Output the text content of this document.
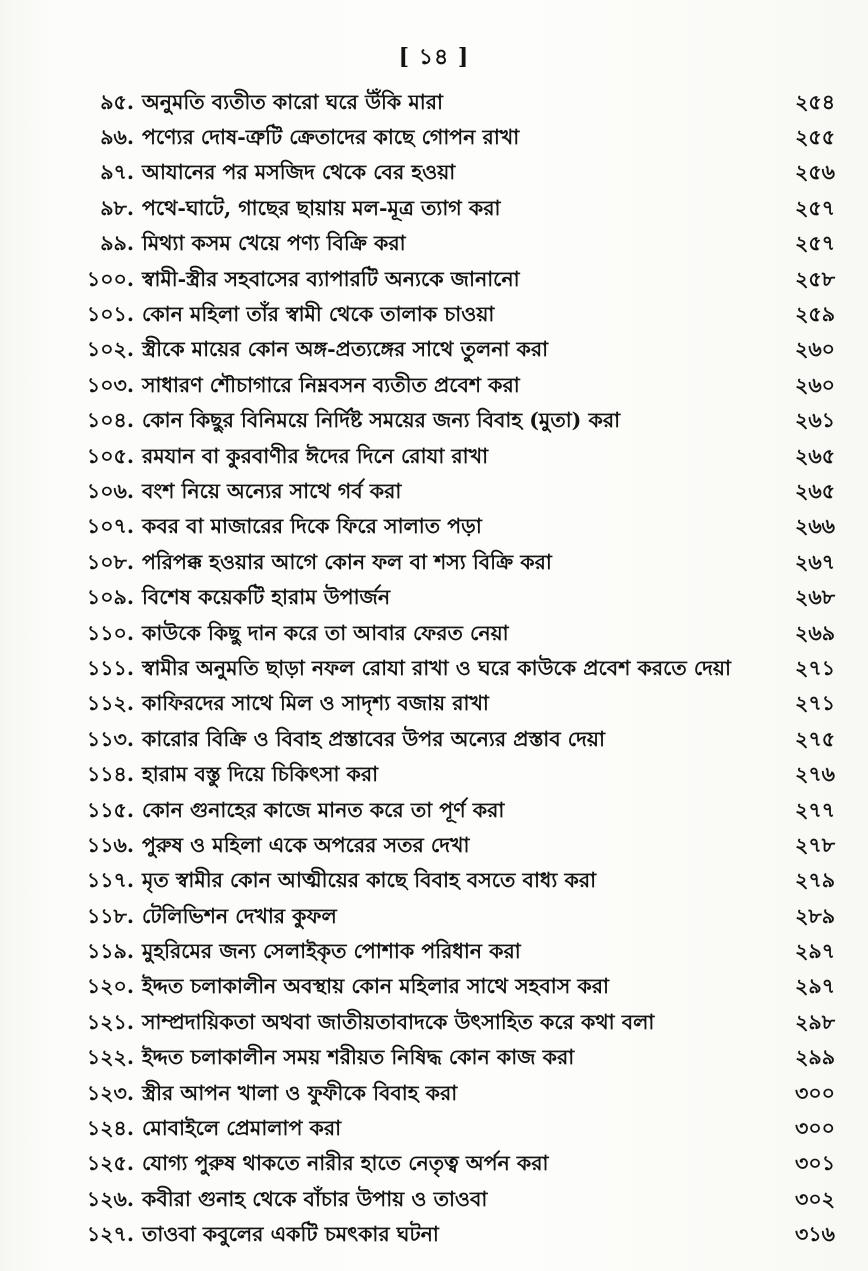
[ ১৪ ]
৯৫. অনুমতি ব্যতীত কারো ঘরে উঁকি মারা	২৫৪
৯৬. পণ্যের দোষ-ত্রুটি ক্রেতাদের কাছে গোপন রাখা	২৫৫
৯৭. আযানের পর মসজিদ থেকে বের হওয়া	২৫৬
৯৮. পথে-ঘাটে, গাছের ছায়ায় মল-মূত্র ত্যাগ করা	২৫৭
৯৯. মিথ্যা কসম খেয়ে পণ্য বিক্রি করা	২৫৭
১০০. স্বামী-স্ত্রীর সহবাসের ব্যাপারটি অন্যকে জানানো	২৫৮
১০১. কোন মহিলা তাঁর স্বামী থেকে তালাক চাওয়া	২৫৯
১০২. স্ত্রীকে মায়ের কোন অঙ্গ-প্রত্যঙ্গের সাথে তুলনা করা	২৬০
১০৩. সাধারণ শৌচাগারে নিম্নবসন ব্যতীত প্রবেশ করা	২৬০
১০৪. কোন কিছুর বিনিময়ে নির্দিষ্ট সময়ের জন্য বিবাহ (মুতা) করা	২৬১
১০৫. রমযান বা কুরবাণীর ঈদের দিনে রোযা রাখা	২৬৫
১০৬. বংশ নিয়ে অন্যের সাথে গর্ব করা	২৬৫
১০৭. কবর বা মাজারের দিকে ফিরে সালাত পড়া	২৬৬
১০৮. পরিপক্ক হওয়ার আগে কোন ফল বা শস্য বিক্রি করা	২৬৭
১০৯. বিশেষ কয়েকটি হারাম উপার্জন	২৬৮
১১০. কাউকে কিছু দান করে তা আবার ফেরত নেয়া	২৬৯
১১১. স্বামীর অনুমতি ছাড়া নফল রোযা রাখা ও ঘরে কাউকে প্রবেশ করতে দেয়া	২৭১
১১২. কাফিরদের সাথে মিল ও সাদৃশ্য বজায় রাখা	২৭১
১১৩. কারোর বিক্রি ও বিবাহ প্রস্তাবের উপর অন্যের প্রস্তাব দেয়া	২৭৫
১১৪. হারাম বস্তু দিয়ে চিকিৎসা করা	২৭৬
১১৫. কোন গুনাহের কাজে মানত করে তা পূর্ণ করা	২৭৭
১১৬. পুরুষ ও মহিলা একে অপরের সতর দেখা	২৭৮
১১৭. মৃত স্বামীর কোন আত্মীয়ের কাছে বিবাহ বসতে বাধ্য করা	২৭৯
১১৮. টেলিভিশন দেখার কুফল	২৮৯
১১৯. মুহরিমের জন্য সেলাইকৃত পোশাক পরিধান করা	২৯৭
১২০. ইদ্দত চলাকালীন অবস্থায় কোন মহিলার সাথে সহবাস করা	২৯৭
১২১. সাম্প্রদায়িকতা অথবা জাতীয়তাবাদকে উৎসাহিত করে কথা বলা	২৯৮
১২২. ইদ্দত চলাকালীন সময় শরীয়ত নিষিদ্ধ কোন কাজ করা	২৯৯
১২৩. স্ত্রীর আপন খালা ও ফুফীকে বিবাহ করা	৩০০
১২৪. মোবাইলে প্রেমালাপ করা	৩০০
১২৫. যোগ্য পুরুষ থাকতে নারীর হাতে নেতৃত্ব অর্পন করা	৩০১
১২৬. কবীরা গুনাহ থেকে বাঁচার উপায় ও তাওবা	৩০২
১২৭. তাওবা কবুলের একটি চমৎকার ঘটনা	৩১৬
